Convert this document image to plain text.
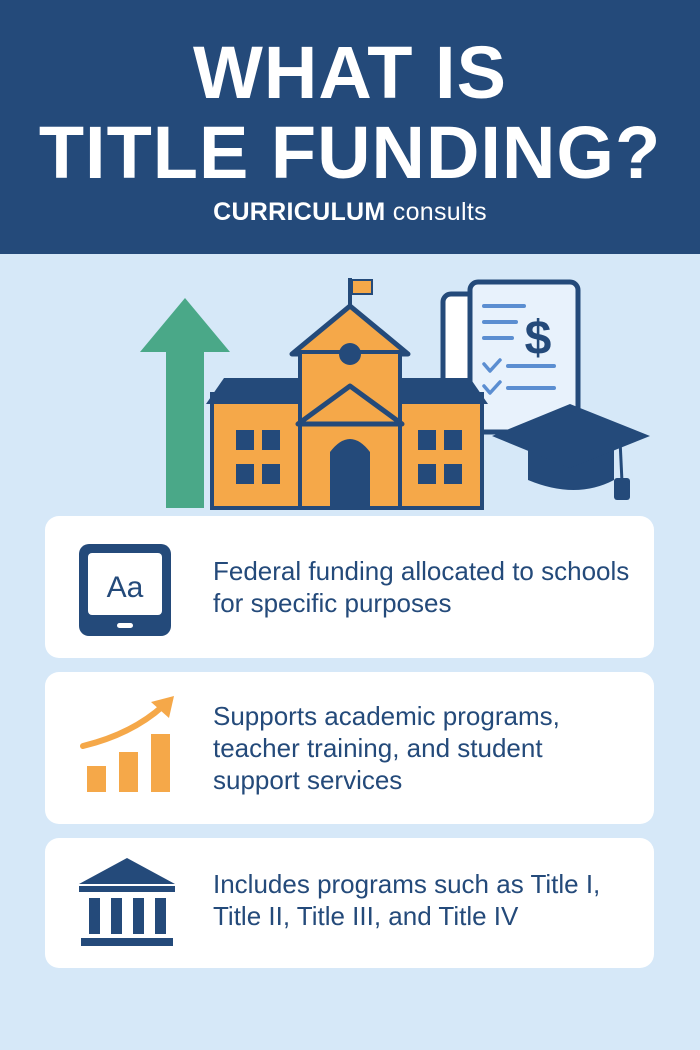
WHAT IS
TITLE FUNDING?
CURRICULUM consults
$
Aa	Federal funding allocated to schools for specific purposes
Supports academic programs, teacher training, and student support services
Includes programs such as Title I, Title II, Title III, and Title IV
